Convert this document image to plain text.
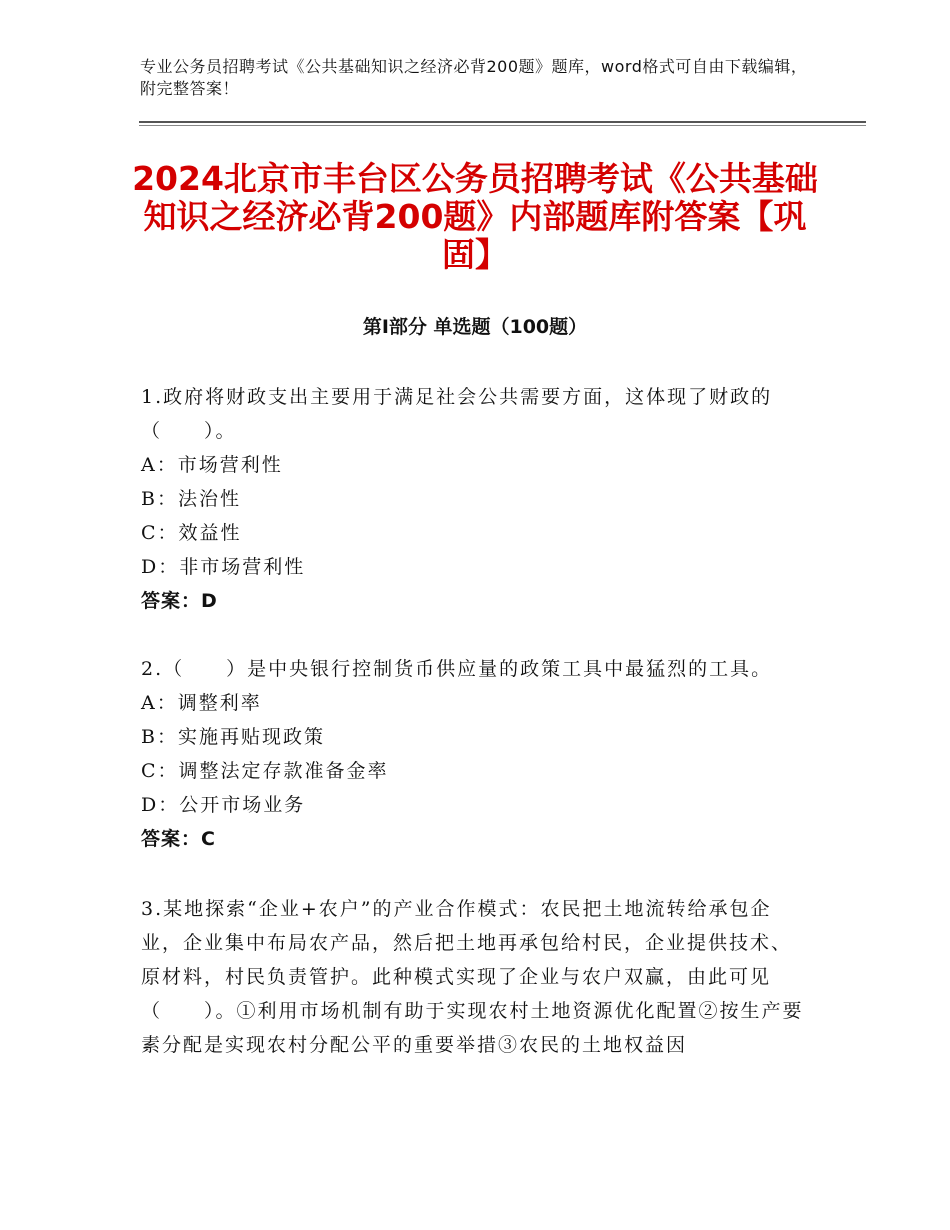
专业公务员招聘考试《公共基础知识之经济必背200题》题库，word格式可自由下载编辑，附完整答案！
2024北京市丰台区公务员招聘考试《公共基础知识之经济必背200题》内部题库附答案【巩固】
第Ⅰ部分 单选题（100题）
1.政府将财政支出主要用于满足社会公共需要方面，这体现了财政的（　　）。
A：市场营利性
B：法治性
C：效益性
D：非市场营利性
答案：D
2.（　　）是中央银行控制货币供应量的政策工具中最猛烈的工具。
A：调整利率
B：实施再贴现政策
C：调整法定存款准备金率
D：公开市场业务
答案：C
3.某地探索“企业+农户”的产业合作模式：农民把土地流转给承包企业，企业集中布局农产品，然后把土地再承包给村民，企业提供技术、原材料，村民负责管护。此种模式实现了企业与农户双赢，由此可见（　　）。①利用市场机制有助于实现农村土地资源优化配置②按生产要素分配是实现农村分配公平的重要举措③农民的土地权益因
